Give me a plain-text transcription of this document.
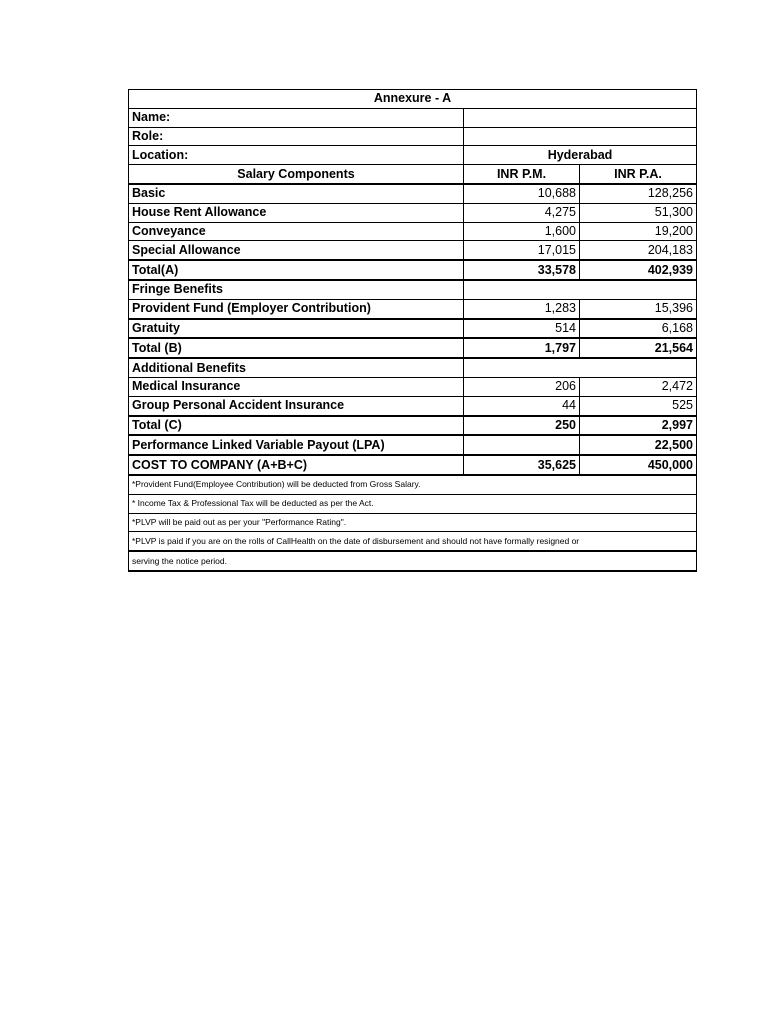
Annexure - A		
Name:		
Role:		
Location:	Hyderabad	
Salary Components	INR P.M.	INR P.A.
Basic	10,688	128,256
House Rent Allowance	4,275	51,300
Conveyance	1,600	19,200
Special Allowance	17,015	204,183
Total(A)	33,578	402,939
Fringe Benefits		
Provident Fund (Employer Contribution)	1,283	15,396
Gratuity	514	6,168
Total (B)	1,797	21,564
Additional Benefits		
Medical Insurance	206	2,472
Group Personal Accident Insurance	44	525
Total (C)	250	2,997
Performance Linked Variable Payout (LPA)		22,500
COST TO COMPANY (A+B+C)	35,625	450,000
*Provident Fund(Employee Contribution) will be deducted from Gross Salary.		
* Income Tax & Professional Tax will be deducted as per the Act.		
*PLVP will be paid out as per your "Performance Rating".		
*PLVP is paid if you are on the rolls of CallHealth on the date of disbursement and should not have formally resigned or		
serving the notice period.		
